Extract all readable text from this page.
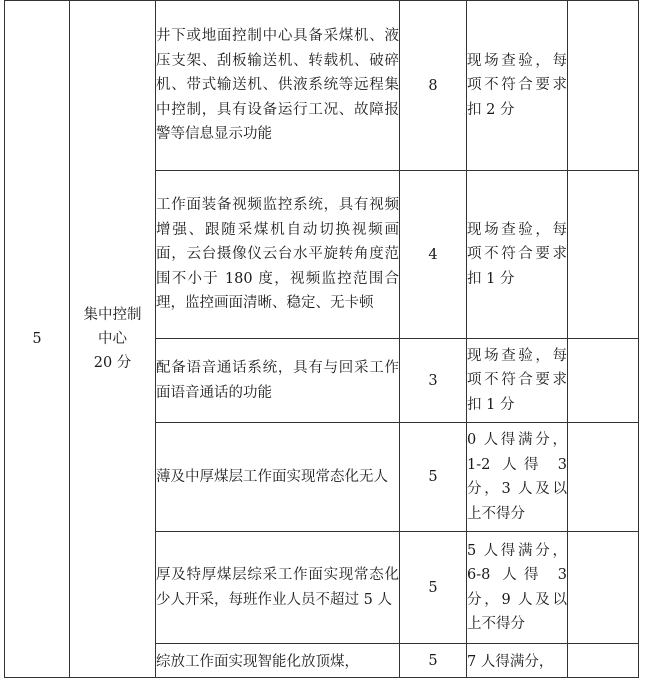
5	集中控制
中心
20 分	井下或地面控制中心具备采煤机、液压支架、刮板输送机、转载机、破碎机、带式输送机、供液系统等远程集中控制，具有设备运行工况、故障报警等信息显示功能	8	现场查验，每项不符合要求扣 2 分	
		工作面装备视频监控系统，具有视频增强、跟随采煤机自动切换视频画面，云台摄像仪云台水平旋转角度范围不小于 180 度，视频监控范围合理，监控画面清晰、稳定、无卡顿	4	现场查验，每项不符合要求扣 1 分	
		配备语音通话系统，具有与回采工作面语音通话的功能	3	现场查验，每项不符合要求扣 1 分	
		薄及中厚煤层工作面实现常态化无人	5	0 人得满分，1-2 人得 3 分，3 人及以上不得分	
		厚及特厚煤层综采工作面实现常态化少人开采，每班作业人员不超过 5 人	5	5 人得满分，6-8 人得 3 分，9 人及以上不得分	
		综放工作面实现智能化放顶煤，	5	7 人得满分，	
